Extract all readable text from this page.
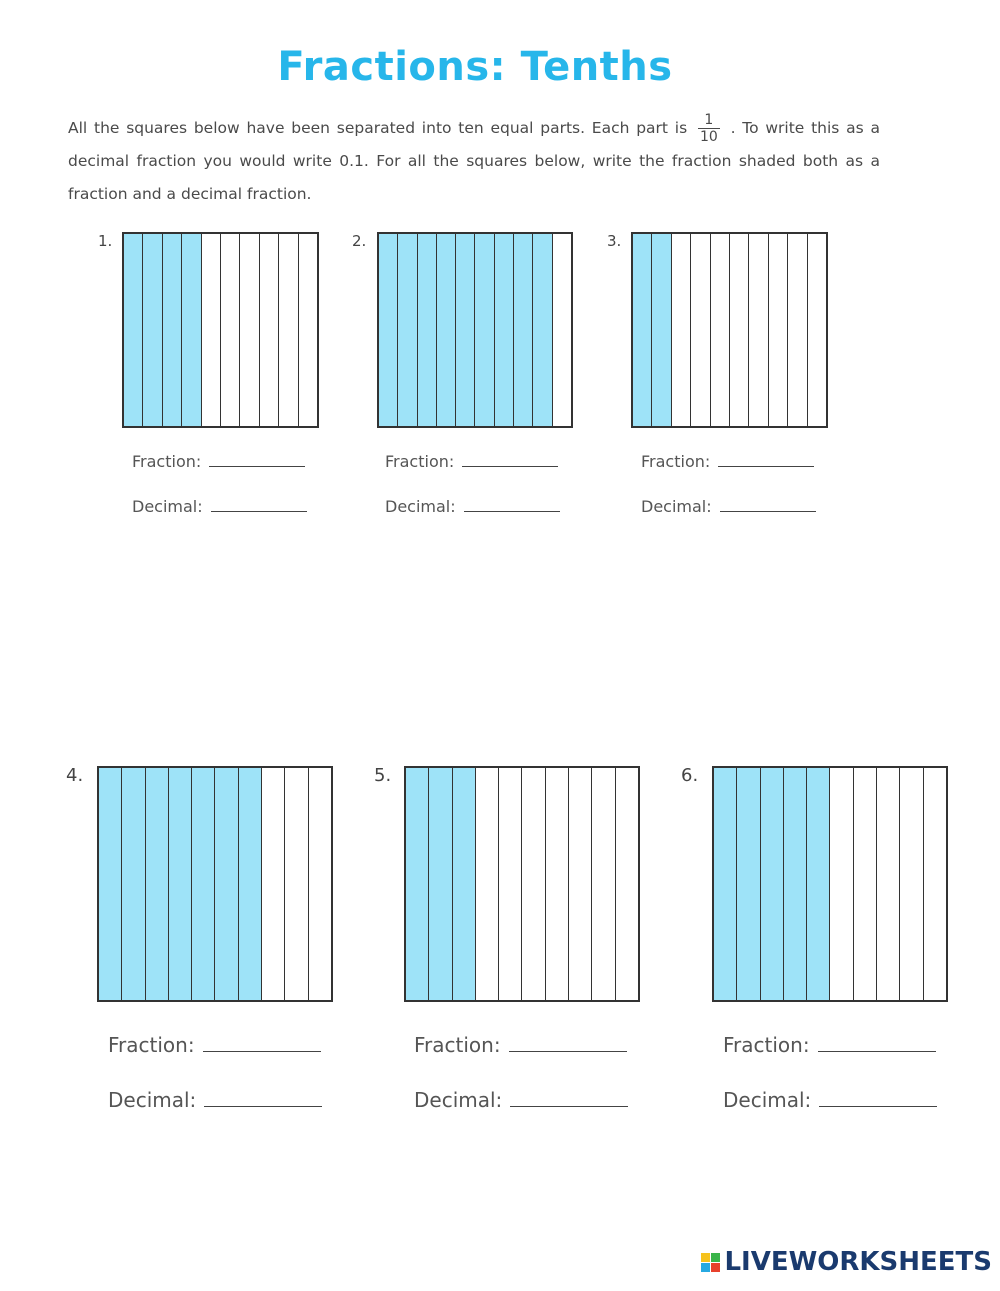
Fractions: Tenths
All the squares below have been separated into ten equal parts. Each part is $\frac{1}{10}$ . To write this as a decimal fraction you would write 0.1. For all the squares below, write the fraction shaded both as a fraction and a decimal fraction.
1.
Fraction:
Decimal:
2.
Fraction:
Decimal:
3.
Fraction:
Decimal:
4.
Fraction:
Decimal:
5.
Fraction:
Decimal:
6.
Fraction:
Decimal:
LIVEWORKSHEETS
